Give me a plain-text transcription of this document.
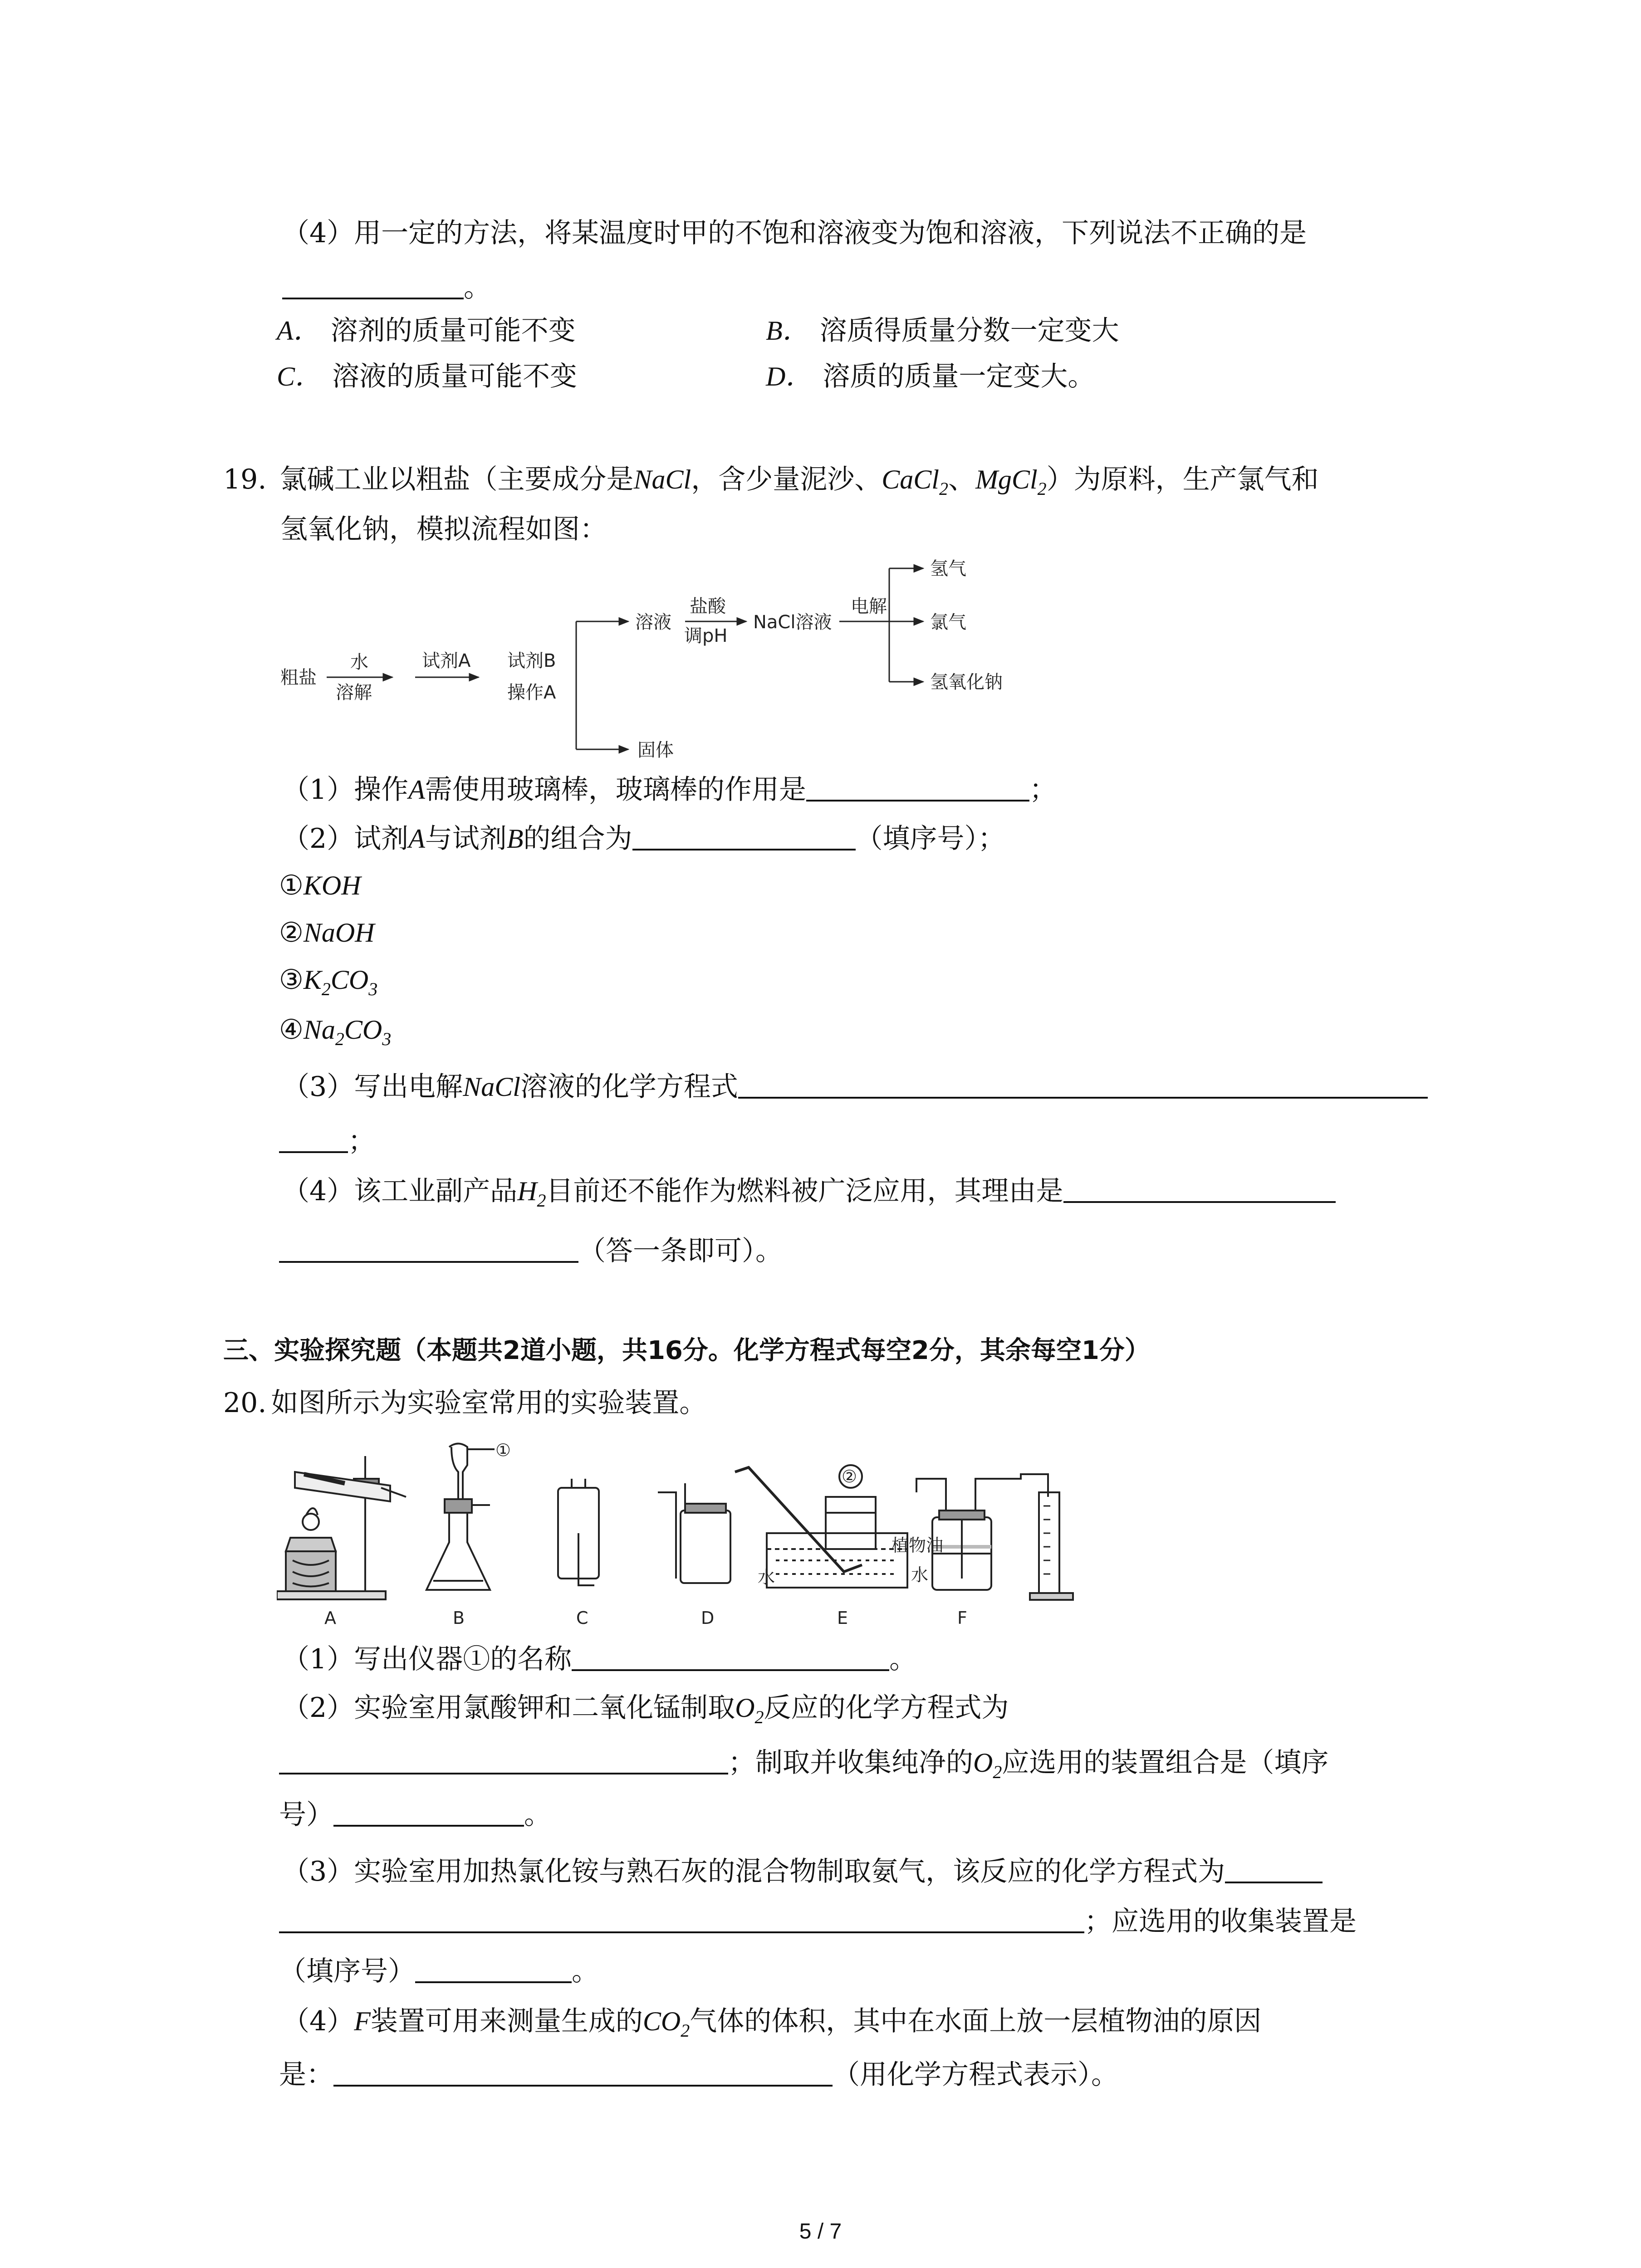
（4）用一定的方法，将某温度时甲的不饱和溶液变为饱和溶液，下列说法不正确的是
。
A． 溶剂的质量可能不变	B． 溶质得质量分数一定变大
C． 溶液的质量可能不变	D． 溶质的质量一定变大。
19. 氯碱工业以粗盐（主要成分是NaCl，含少量泥沙、CaCl$_2$、MgCl$_2$）为原料，生产氯气和
氢氧化钠，模拟流程如图：
粗盐
水
溶解
试剂A 试剂B
操作A
溶液
盐酸
调pH
NaCl溶液
电解
氢气
氯气
氢氧化钠
固体
（1）操作A需使用玻璃棒，玻璃棒的作用是	；
（2）试剂A与试剂B的组合为	（填序号）；
①KOH
②NaOH
$③K_2CO_3$
$④Na_2CO_3$
（3）写出电解NaCl溶液的化学方程式
；
（4）该工业副产品$H_2$目前还不能作为燃料被广泛应用，其理由是
（答一条即可）。
三、实验探究题（本题共2道小题，共16分。化学方程式每空2分，其余每空1分）
20. 如图所示为实验室常用的实验装置。
A	B	C	D	E	F
①
②
水
植物油
水
（1）写出仪器①的名称	。
（2）实验室用氯酸钾和二氧化锰制取$O_2$反应的化学方程式为
；制取并收集纯净的$O_2$应选用的装置组合是（填序
号）	。
（3）实验室用加热氯化铵与熟石灰的混合物制取氨气，该反应的化学方程式为
；应选用的收集装置是
（填序号）	。
（4）F装置可用来测量生成的$CO_2$气体的体积，其中在水面上放一层植物油的原因
是：	（用化学方程式表示）。
5 / 7
